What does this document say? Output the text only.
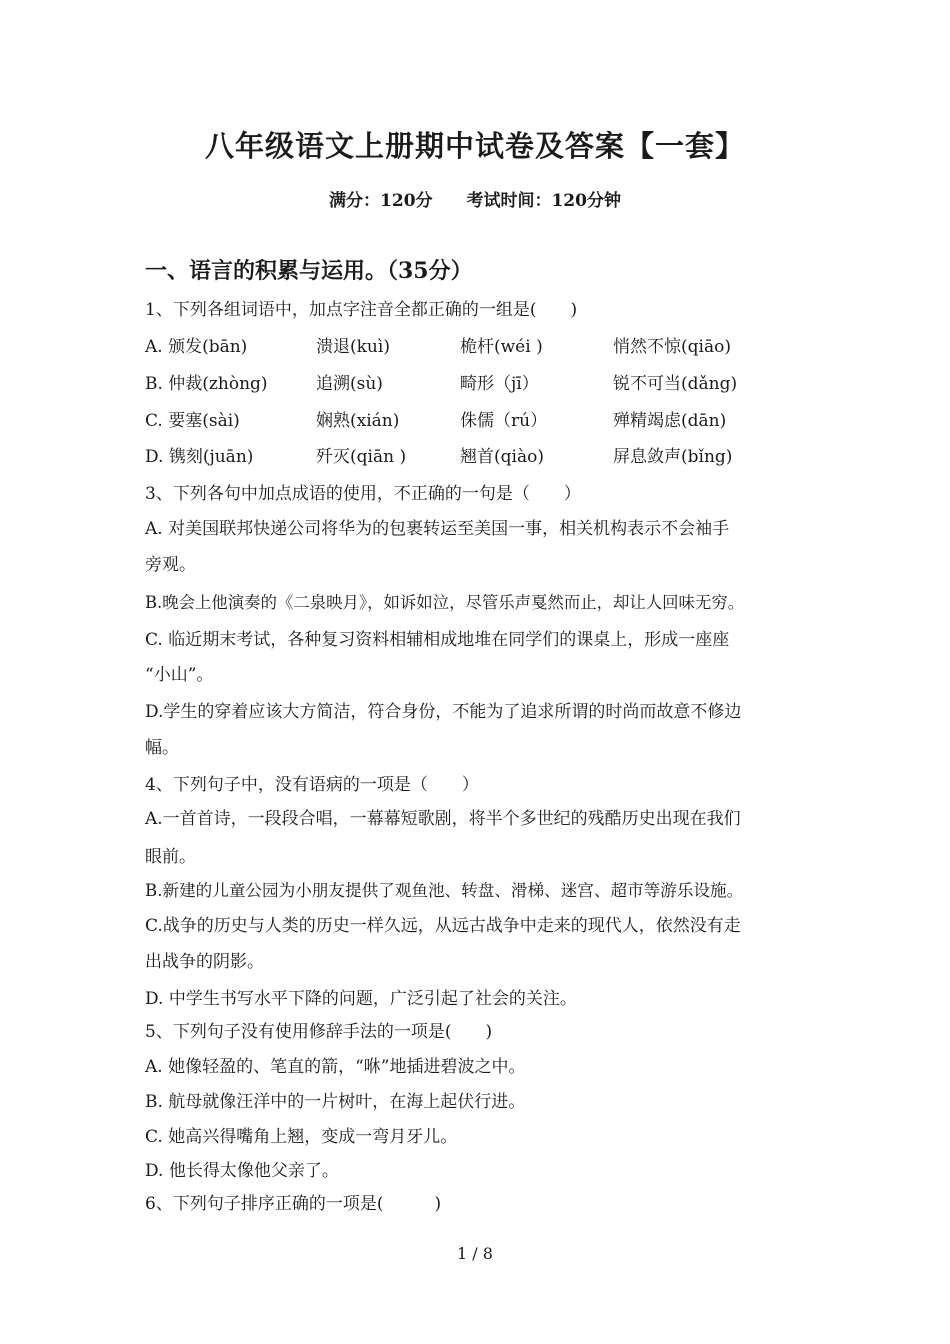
八年级语文上册期中试卷及答案【一套】
满分：120分 考试时间：120分钟
一、语言的积累与运用。（35分）
1、下列各组词语中，加点字注音全都正确的一组是(　　)
A. 颁发(bān)	溃退(kuì)	桅杆(wéi )	悄然不惊(qiāo)
B. 仲裁(zhòng)	追溯(sù)	畸形（jī）	锐不可当(dǎng)
C. 要塞(sài)	娴熟(xián)	侏儒（rú）	殚精竭虑(dān)
D. 镌刻(juān)	歼灭(qiān )	翘首(qiào)	屏息敛声(bǐng)
3、下列各句中加点成语的使用，不正确的一句是（　　）
A. 对美国联邦快递公司将华为的包裹转运至美国一事，相关机构表示不会袖手
旁观。
B.晚会上他演奏的《二泉映月》，如诉如泣，尽管乐声戛然而止，却让人回味无穷。
C. 临近期末考试，各种复习资料相辅相成地堆在同学们的课桌上，形成一座座
“小山”。
D.学生的穿着应该大方简洁，符合身份，不能为了追求所谓的时尚而故意不修边
幅。
4、下列句子中，没有语病的一项是（　　）
A.一首首诗，一段段合唱，一幕幕短歌剧，将半个多世纪的残酷历史出现在我们
眼前。
B.新建的儿童公园为小朋友提供了观鱼池、转盘、滑梯、迷宫、超市等游乐设施。
C.战争的历史与人类的历史一样久远，从远古战争中走来的现代人，依然没有走
出战争的阴影。
D. 中学生书写水平下降的问题，广泛引起了社会的关注。
5、下列句子没有使用修辞手法的一项是(　　)
A. 她像轻盈的、笔直的箭，“咻”地插进碧波之中。
B. 航母就像汪洋中的一片树叶，在海上起伏行进。
C. 她高兴得嘴角上翘，变成一弯月牙儿。
D. 他长得太像他父亲了。
6、下列句子排序正确的一项是(　　　)
1 / 8
